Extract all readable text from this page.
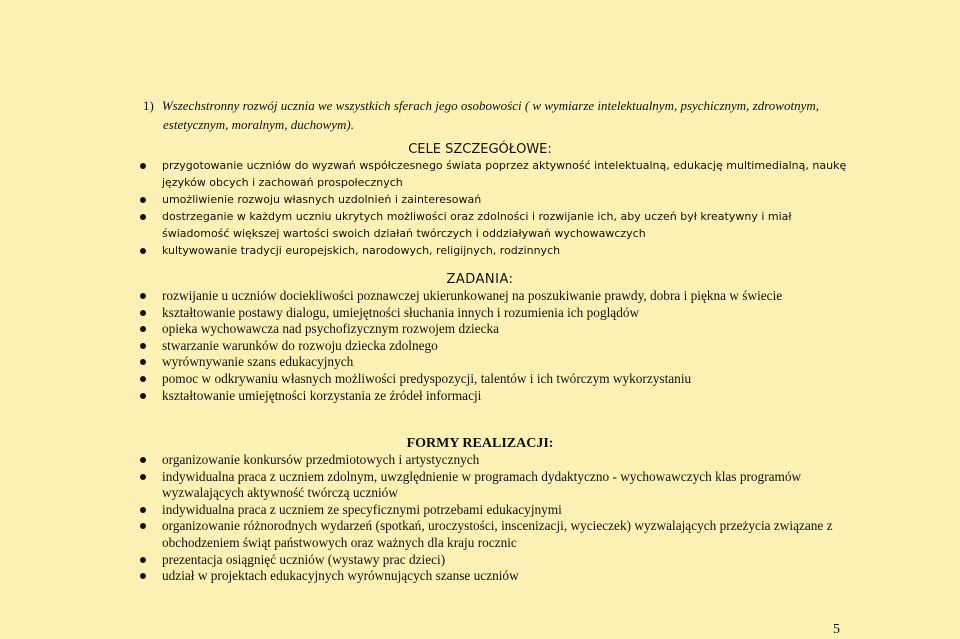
1) Wszechstronny rozwój ucznia we wszystkich sferach jego osobowości ( w wymiarze intelektualnym, psychicznym, zdrowotnym,
estetycznym, moralnym, duchowym).
CELE SZCZEGÓŁOWE:
przygotowanie uczniów do wyzwań współczesnego świata poprzez aktywność intelektualną, edukację multimedialną, naukę języków obcych i zachowań prospołecznych
umożliwienie rozwoju własnych uzdolnień i zainteresowań
dostrzeganie w każdym uczniu ukrytych możliwości oraz zdolności i rozwijanie ich, aby uczeń był kreatywny i miał świadomość większej wartości swoich działań twórczych i oddziaływań wychowawczych
kultywowanie tradycji europejskich, narodowych, religijnych, rodzinnych
ZADANIA:
rozwijanie u uczniów dociekliwości poznawczej ukierunkowanej na poszukiwanie prawdy, dobra i piękna w świecie
kształtowanie postawy dialogu, umiejętności słuchania innych i rozumienia ich poglądów
opieka wychowawcza nad psychofizycznym rozwojem dziecka
stwarzanie warunków do rozwoju dziecka zdolnego
wyrównywanie szans edukacyjnych
pomoc w odkrywaniu własnych możliwości predyspozycji, talentów i ich twórczym wykorzystaniu
kształtowanie umiejętności korzystania ze źródeł informacji
FORMY REALIZACJI:
organizowanie konkursów przedmiotowych i artystycznych
indywidualna praca z uczniem zdolnym, uwzględnienie w programach dydaktyczno - wychowawczych klas programów wyzwalających aktywność twórczą uczniów
indywidualna praca z uczniem ze specyficznymi potrzebami edukacyjnymi
organizowanie różnorodnych wydarzeń (spotkań, uroczystości, inscenizacji, wycieczek) wyzwalających przeżycia związane z obchodzeniem świąt państwowych oraz ważnych dla kraju rocznic
prezentacja osiągnięć uczniów (wystawy prac dzieci)
udział w projektach edukacyjnych wyrównujących szanse uczniów
5
